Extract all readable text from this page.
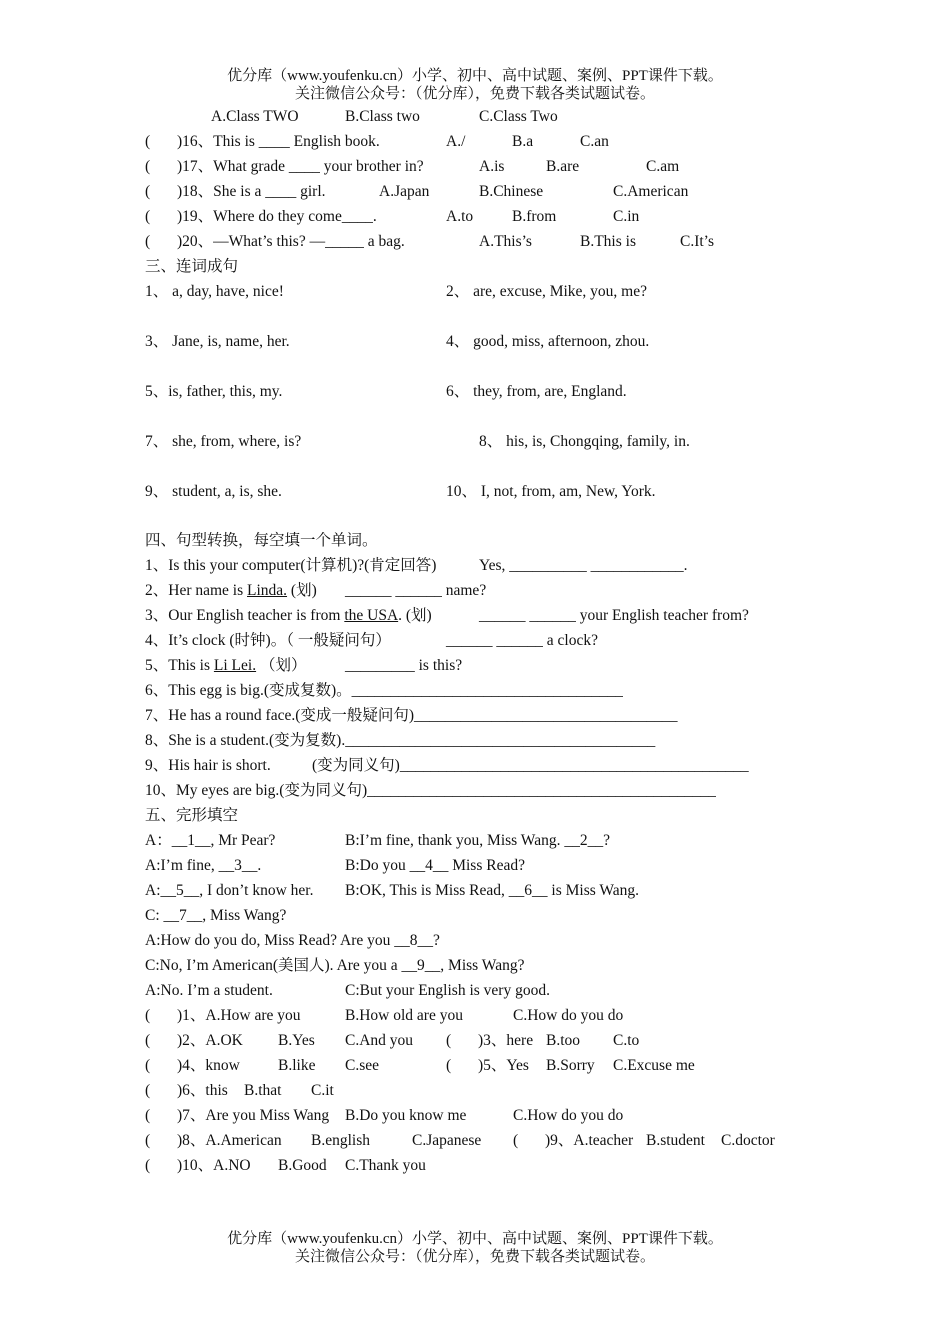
优分库（www.youfenku.cn）小学、初中、高中试题、案例、PPT课件下载。
关注微信公众号：（优分库），免费下载各类试题试卷。
A.Class TWO	B.Class two	C.Class Two
( )16、This is ____ English book.	A./	B.a	C.an
( )17、What grade ____ your brother in?	A.is	B.are	C.am
( )18、She is a ____ girl.	A.Japan	B.Chinese	C.American
( )19、Where do they come____.	A.to	B.from	C.in
( )20、—What’s this? —_____ a bag.	A.This’s	B.This is	C.It’s
三、连词成句
1、 a, day, have, nice!	2、 are, excuse, Mike, you, me?
3、 Jane, is, name, her.	4、 good, miss, afternoon, zhou.
5、is, father, this, my.	6、 they, from, are, England.
7、 she, from, where, is?	8、 his, is, Chongqing, family, in.
9、 student, a, is, she.	10、 I, not, from, am, New, York.
四、句型转换，每空填一个单词。
1、Is this your computer(计算机)?(肯定回答)	Yes, __________ ____________.
2、Her name is Linda. (划) ______ ______ name?
3、Our English teacher is from the USA. (划)	______ ______ your English teacher from?
4、It’s clock (时钟)。（ 一般疑问句）	______ ______ a clock?
5、This is Li Lei. （划） _________ is this?
6、This egg is big.(变成复数)。___________________________________
7、He has a round face.(变成一般疑问句)__________________________________
8、She is a student.(变为复数).________________________________________
9、His hair is short.	(变为同义句)_____________________________________________
10、My eyes are big.(变为同义句)_____________________________________________
五、完形填空
A：__1__, Mr Pear?	B:I’m fine, thank you, Miss Wang. __2__?
A:I’m fine, __3__.	B:Do you __4__ Miss Read?
A:__5__, I don’t know her. B:OK, This is Miss Read, __6__ is Miss Wang.
C: __7__, Miss Wang?
A:How do you do, Miss Read? Are you __8__?
C:No, I’m American(美国人). Are you a __9__, Miss Wang?
A:No. I’m a student.	C:But your English is very good.
( )1、A.How are you	B.How old are you	C.How do you do
( )2、A.OK B.Yes C.And you ( )3、here B.too C.to
( )4、know B.like C.see	( )5、Yes B.Sorry C.Excuse me
( )6、this B.that C.it
( )7、Are you Miss Wang B.Do you know me	C.How do you do
( )8、A.American B.english	C.Japanese ( )9、A.teacher B.student C.doctor
( )10、A.NO B.Good C.Thank you
优分库（www.youfenku.cn）小学、初中、高中试题、案例、PPT课件下载。
关注微信公众号：（优分库），免费下载各类试题试卷。
